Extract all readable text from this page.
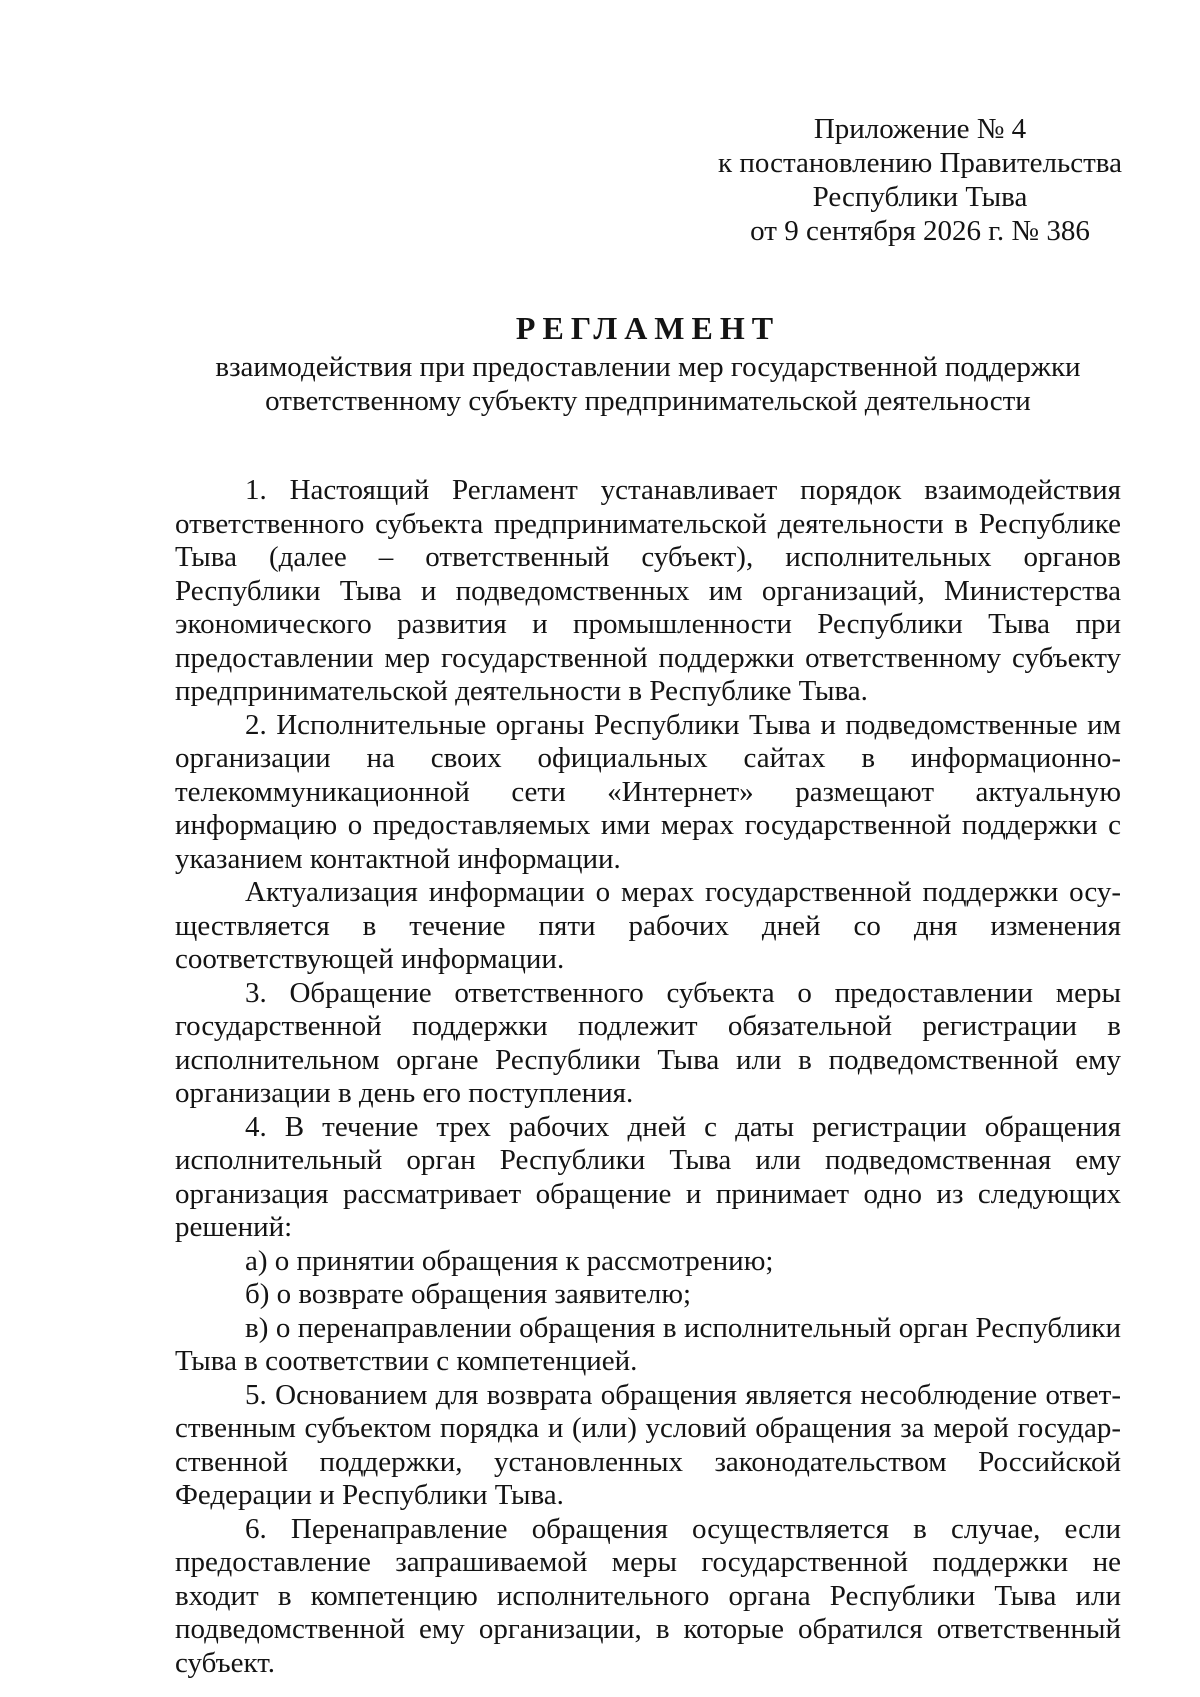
Приложение № 4
к постановлению Правительства
Республики Тыва
от 9 сентября 2026 г. № 386
РЕГЛАМЕНТ
взаимодействия при предоставлении мер государственной поддержки ответственному субъекту предпринимательской деятельности

1. Настоящий Регламент устанавливает порядок взаимодействия ответственного субъекта предпринимательской деятельности в Республике Тыва (далее – ответственный субъект), исполнительных органов Республики Тыва и подведомственных им организаций, Министерства экономического развития и промышленности Республики Тыва при предоставлении мер государственной поддержки ответственному субъекту предпринимательской деятельности в Республике Тыва.

2. Исполнительные органы Республики Тыва и подведомственные им организации на своих официальных сайтах в информационно- телекоммуникационной сети «Интернет» размещают актуальную информацию о предоставляемых ими мерах государственной поддержки с указанием контактной информации.

Актуализация информации о мерах государственной поддержки осуществляется в течение пяти рабочих дней со дня изменения соответствующей информации.

3. Обращение ответственного субъекта о предоставлении меры государственной поддержки подлежит обязательной регистрации в исполнительном органе Республики Тыва или в подведомственной ему организации в день его поступления.

4. В течение трех рабочих дней с даты регистрации обращения исполнительный орган Республики Тыва или подведомственная ему организация рассматривает обращение и принимает одно из следующих решений:

а) о принятии обращения к рассмотрению;

б) о возврате обращения заявителю;

в) о перенаправлении обращения в исполнительный орган Республики Тыва в соответствии с компетенцией.

5. Основанием для возврата обращения является несоблюдение ответственным субъектом порядка и (или) условий обращения за мерой государственной поддержки, установленных законодательством Российской Федерации и Республики Тыва.

6. Перенаправление обращения осуществляется в случае, если предоставление запрашиваемой меры государственной поддержки не входит в компетенцию исполнительного органа Республики Тыва или подведомственной ему организации, в которые обратился ответственный субъект.
